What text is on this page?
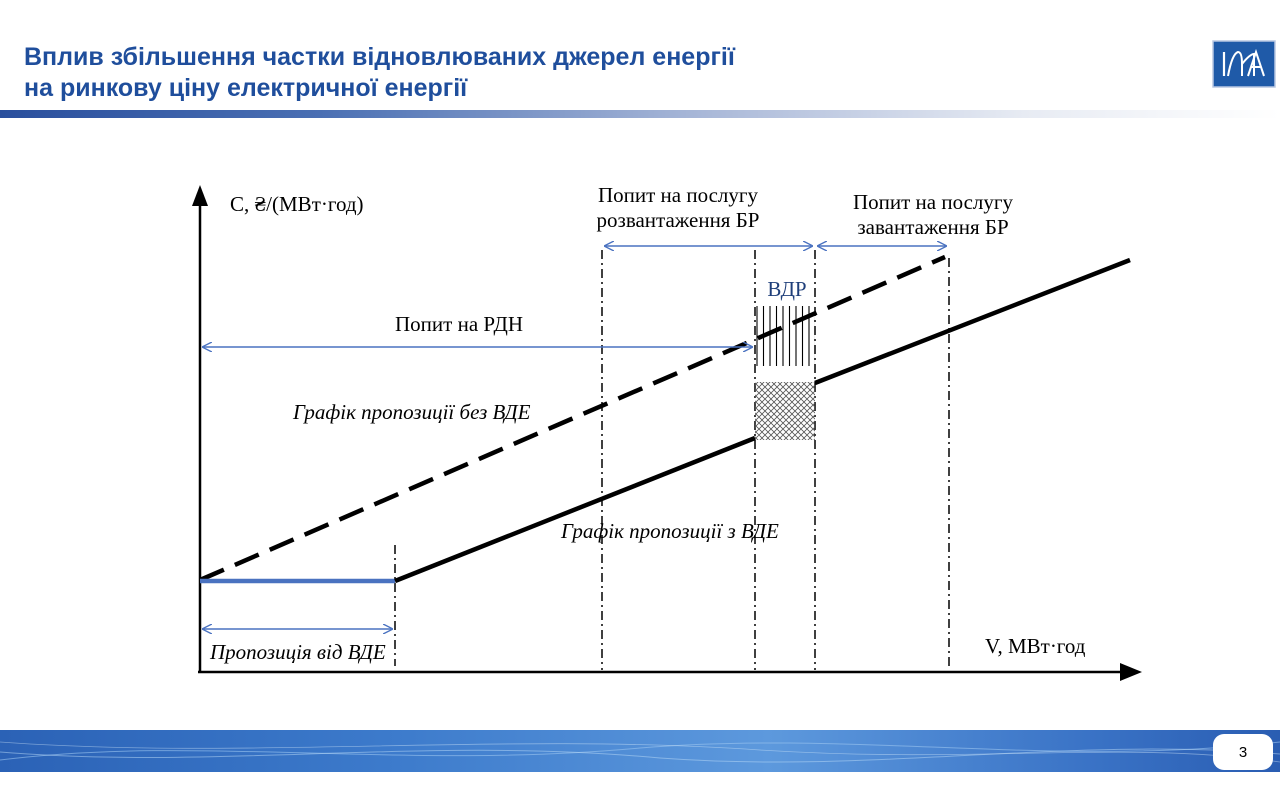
Вплив збільшення частки відновлюваних джерел енергії
на ринкову ціну електричної енергії
C, ₴/(МВт·год)
V, МВт·год
Попит на послугу
розвантаження БР
Попит на послугу
завантаження БР
ВДР
Попит на РДН
Графік пропозиції без ВДЕ
Графік пропозиції з ВДЕ
Пропозиція від ВДЕ
3
